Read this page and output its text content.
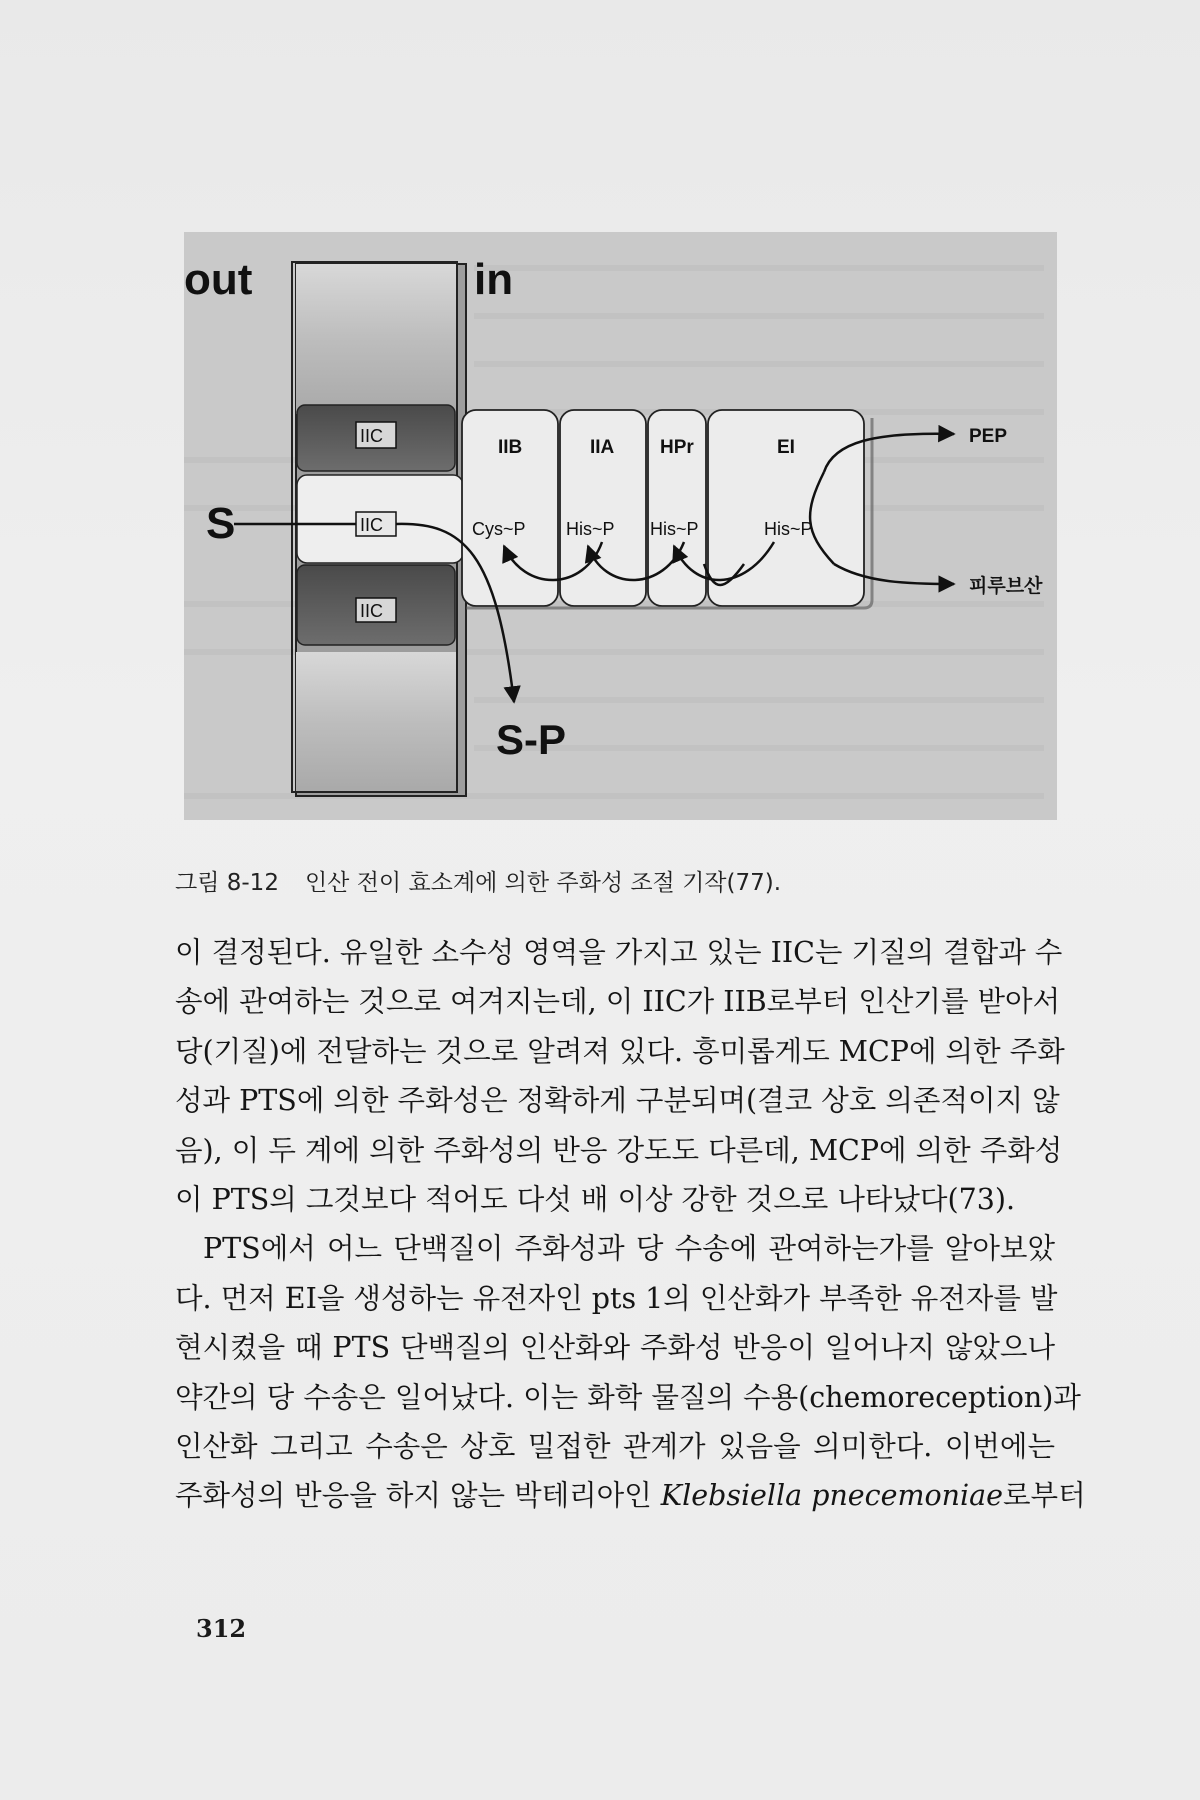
out	in
S
S-P
IIC
IIC
IIC
IIB	IIA HPr	EI
Cys~P His~P His~P	His~P
PEP
피루브산
그림 8-12 인산 전이 효소계에 의한 주화성 조절 기작(77).
이 결정된다. 유일한 소수성 영역을 가지고 있는 IIC는 기질의 결합과 수
송에 관여하는 것으로 여겨지는데, 이 IIC가 IIB로부터 인산기를 받아서
당(기질)에 전달하는 것으로 알려져 있다. 흥미롭게도 MCP에 의한 주화
성과 PTS에 의한 주화성은 정확하게 구분되며(결코 상호 의존적이지 않
음), 이 두 계에 의한 주화성의 반응 강도도 다른데, MCP에 의한 주화성
이 PTS의 그것보다 적어도 다섯 배 이상 강한 것으로 나타났다(73).
PTS에서 어느 단백질이 주화성과 당 수송에 관여하는가를 알아보았
다. 먼저 EI을 생성하는 유전자인 pts 1의 인산화가 부족한 유전자를 발
현시켰을 때 PTS 단백질의 인산화와 주화성 반응이 일어나지 않았으나
약간의 당 수송은 일어났다. 이는 화학 물질의 수용(chemoreception)과
인산화 그리고 수송은 상호 밀접한 관계가 있음을 의미한다. 이번에는
주화성의 반응을 하지 않는 박테리아인 Klebsiella pnecemoniae로부터
312
